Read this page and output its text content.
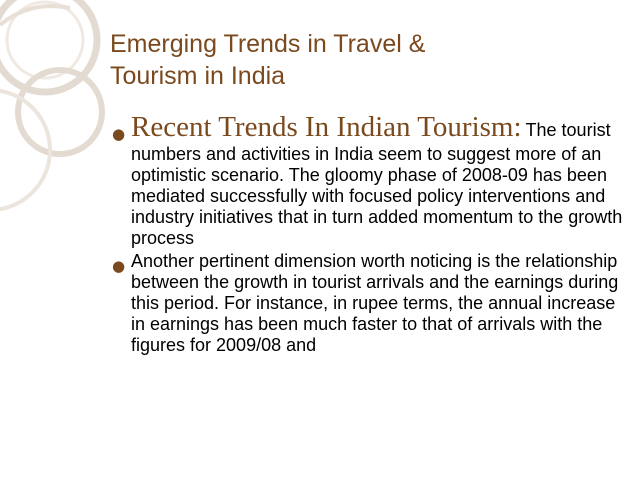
Emerging Trends in Travel &
Tourism in India
● Recent Trends In Indian Tourism: The tourist numbers and activities in India seem to suggest more of an optimistic scenario. The gloomy phase of 2008-09 has been mediated successfully with focused policy interventions and industry initiatives that in turn added momentum to the growth process

● Another pertinent dimension worth noticing is the relationship between the growth in tourist arrivals and the earnings during this period. For instance, in rupee terms, the annual increase in earnings has been much faster to that of arrivals with the figures for 2009/08 and
